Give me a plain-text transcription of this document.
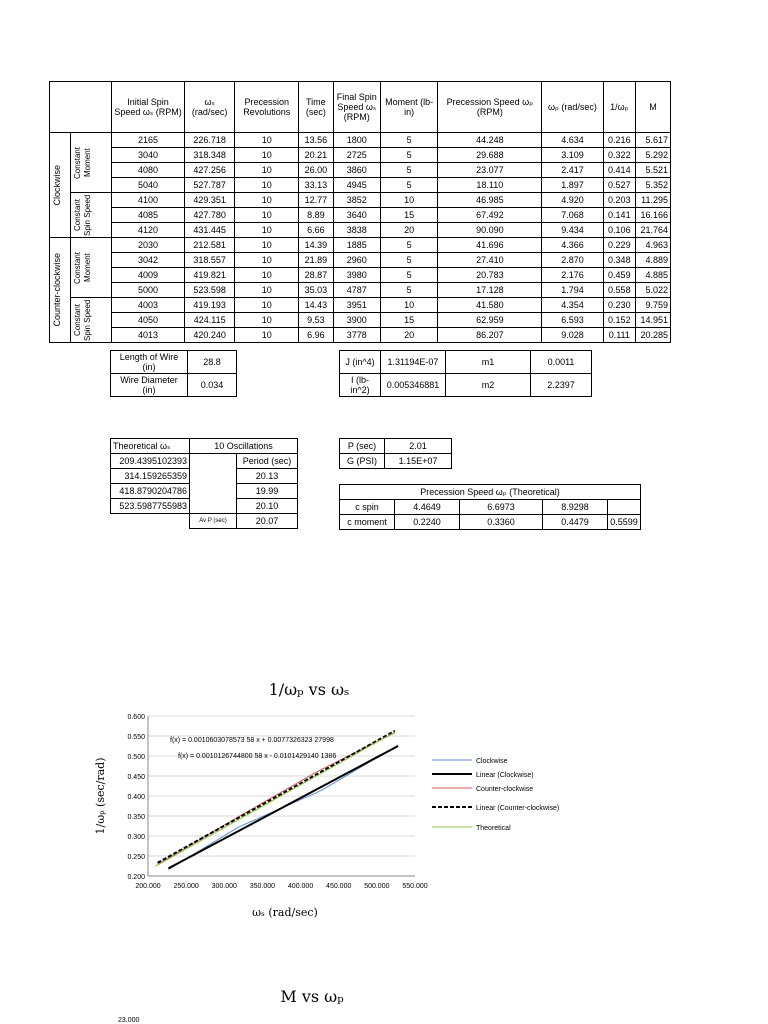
		Initial Spin Speed ωₛ (RPM)	ωₛ (rad/sec)	Precession Revolutions	Time (sec)	Final Spin Speed ωₛ (RPM)	Moment (lb-in)	Precession Speed ωₚ (RPM)	ωₚ (rad/sec)	1/ωₚ	M

Clockwise	Constant Moment	2165	226.718	10	13.56	1800	5	44.248	4.634	0.216	5.617
		3040	318.348	10	20.21	2725	5	29.688	3.109	0.322	5.292
		4080	427.256	10	26.00	3860	5	23.077	2.417	0.414	5.521
		5040	527.787	10	33.13	4945	5	18.110	1.897	0.527	5.352

	Constant Spin Speed	4100	429.351	10	12.77	3852	10	46.985	4.920	0.203	11.295
		4085	427.780	10	8.89	3640	15	67.492	7.068	0.141	16.166
		4120	431.445	10	6.66	3838	20	90.090	9.434	0.106	21.764

Counter-clockwise	Constant Moment	2030	212.581	10	14.39	1885	5	41.696	4.366	0.229	4.963
		3042	318.557	10	21.89	2960	5	27.410	2.870	0.348	4.889
		4009	419.821	10	28.87	3980	5	20.783	2.176	0.459	4.885
		5000	523.598	10	35.03	4787	5	17.128	1.794	0.558	5.022

	Constant Spin Speed	4003	419.193	10	14.43	3951	10	41.580	4.354	0.230	9.759
		4050	424.115	10	9.53	3900	15	62.959	6.593	0.152	14.951
		4013	420.240	10	6.96	3778	20	86.207	9.028	0.111	20.285
Length of Wire (in)	28.8
Wire Diameter (in)	0.034
J (in^4)	1.31194E-07	m1	0.0011
I (lb-in^2)	0.005346881	m2	2.2397
Theoretical ωₛ	10 Oscillations	
209.4395102393		Period (sec)
314.159265359		20.13
418.8790204786		19.99
523.5987755983		20.10
	Av P (sec)	20.07
P (sec)	2.01
G (PSI)	1.15E+07
Precession Speed ωₚ (Theoretical)				
c spin	4.4649	6.6973	8.9298	
c moment	0.2240	0.3360	0.4479	0.5599
1/ωₚ vs ωₛ
0.200
0.250
0.300
0.350
0.400
0.450
0.500
0.550
0.600
200.000 250.000 300.000 350.000 400.000 450.000 500.000 550.000
f(x) = 0.0010603078573 58 x + 0.0077326323 27998
f(x) = 0.0010126744800 58 x - 0.0101429140 1386
ωₛ (rad/sec)
1/ωₚ (sec/rad)	Clockwise
Linear (Clockwise)
Counter-clockwise
Linear (Counter-clockwise)
Theoretical
M vs ωₚ
23.000
